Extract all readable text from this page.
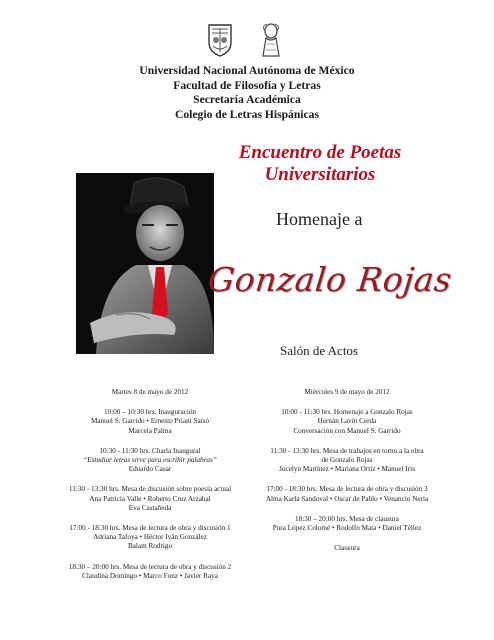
Universidad Nacional Autónoma de México
Facultad de Filosofía y Letras
Secretaría Académica
Colegio de Letras Hispánicas
Encuentro de Poetas
Universitarios
Homenaje a
Gonzalo Rojas
Salón de Actos
Martes 8 de mayo de 2012
10:00 – 10:30 hrs. Inauguración
Manuel S. Garrido • Ernesto Priani Saisó
Marcela Palma
10:30 - 11:30 hrs. Charla Inaugural
“Estudiar letras sirve para escribir palabras”
Eduardo Casar
11:30 - 13:30 hrs. Mesa de discusión sobre poesía actual
Ana Patricia Valle • Roberto Cruz Arzabal
Eva Castañeda
17:00 - 18:30 hrs. Mesa de lectura de obra y discusión 1
Adriana Tafoya • Héctor Iván González
Balam Rodrigo
18:30 – 20:00 hrs. Mesa de lectura de obra y discusión 2
Claudina Domingo • Marco Fonz • Javier Raya
Miércoles 9 de mayo de 2012
10:00 - 11:30 hrs. Homenaje a Gonzalo Rojas
Hernán Lavín Cerda
Conversación con Manuel S. Garrido
11:30 - 13:30 hrs. Mesa de trabajos en torno a la obra
de Gonzalo Rojas
Jocelyn Martínez • Mariana Ortiz • Manuel Iris
17:00 - 18:30 hrs. Mesa de lectura de obra y discusión 3
Alma Karla Sandoval • Oscar de Pablo • Venancio Neria
18:30 – 20:00 hrs. Mesa de clausura
Pura López Colomé • Rodolfo Mata • Daniel Téllez
Clausura
